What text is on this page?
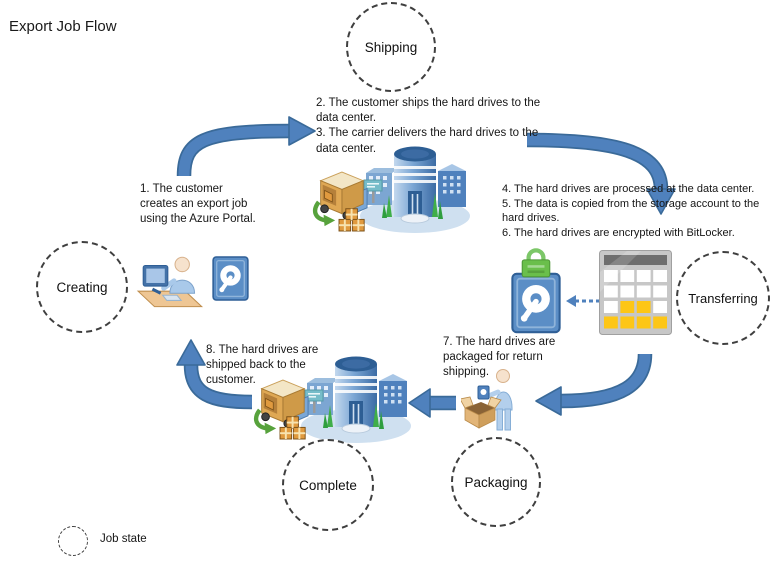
Export Job Flow
Shipping
Creating
Transferring
Complete	Packaging

1. The customer creates an export job using the Azure Portal.

2. The customer ships the hard drives to the data center.

3. The carrier delivers the hard drives to the data center.

4. The hard drives are processed at the data center.

5. The data is copied from the storage account to the hard drives.

6. The hard drives are encrypted with BitLocker.

7. The hard drives are packaged for return shipping.

8. The hard drives are shipped back to the customer.

Job state
